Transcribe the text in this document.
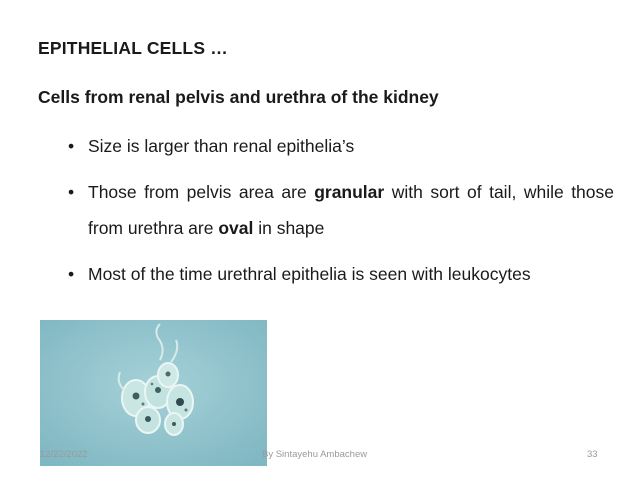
EPITHELIAL CELLS …
Cells from renal pelvis and urethra of the kidney
• Size is larger than renal epithelia’s
• Those from pelvis area are granular with sort of tail, while those from urethra are oval in shape
• Most of the time urethral epithelia is seen with leukocytes
12/22/2022	By Sintayehu Ambachew	33
